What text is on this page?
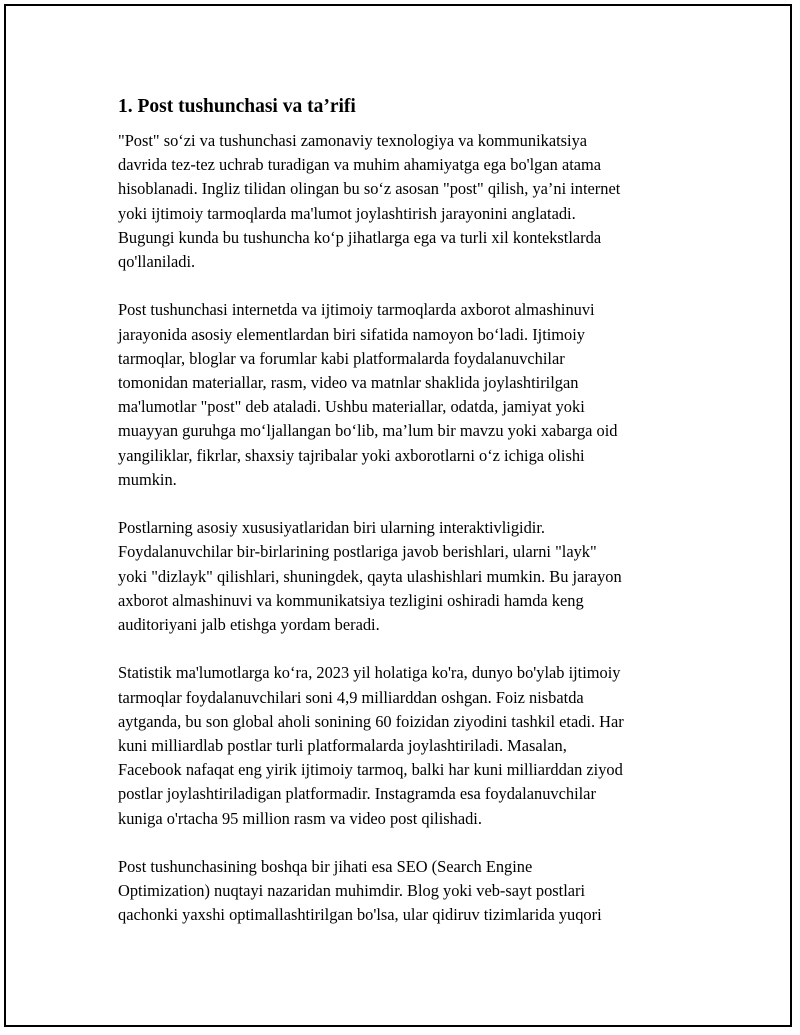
1. Post tushunchasi va ta’rifi

"Post" so‘zi va tushunchasi zamonaviy texnologiya va kommunikatsiya
davrida tez-tez uchrab turadigan va muhim ahamiyatga ega bo'lgan atama
hisoblanadi. Ingliz tilidan olingan bu so‘z asosan "post" qilish, ya’ni internet
yoki ijtimoiy tarmoqlarda ma'lumot joylashtirish jarayonini anglatadi.
Bugungi kunda bu tushuncha ko‘p jihatlarga ega va turli xil kontekstlarda
qo'llaniladi.

Post tushunchasi internetda va ijtimoiy tarmoqlarda axborot almashinuvi
jarayonida asosiy elementlardan biri sifatida namoyon bo‘ladi. Ijtimoiy
tarmoqlar, bloglar va forumlar kabi platformalarda foydalanuvchilar
tomonidan materiallar, rasm, video va matnlar shaklida joylashtirilgan
ma'lumotlar "post" deb ataladi. Ushbu materiallar, odatda, jamiyat yoki
muayyan guruhga mo‘ljallangan bo‘lib, ma’lum bir mavzu yoki xabarga oid
yangiliklar, fikrlar, shaxsiy tajribalar yoki axborotlarni o‘z ichiga olishi
mumkin.

Postlarning asosiy xususiyatlaridan biri ularning interaktivligidir.
Foydalanuvchilar bir-birlarining postlariga javob berishlari, ularni "layk"
yoki "dizlayk" qilishlari, shuningdek, qayta ulashishlari mumkin. Bu jarayon
axborot almashinuvi va kommunikatsiya tezligini oshiradi hamda keng
auditoriyani jalb etishga yordam beradi.

Statistik ma'lumotlarga ko‘ra, 2023 yil holatiga ko'ra, dunyo bo'ylab ijtimoiy
tarmoqlar foydalanuvchilari soni 4,9 milliarddan oshgan. Foiz nisbatda
aytganda, bu son global aholi sonining 60 foizidan ziyodini tashkil etadi. Har
kuni milliardlab postlar turli platformalarda joylashtiriladi. Masalan,
Facebook nafaqat eng yirik ijtimoiy tarmoq, balki har kuni milliarddan ziyod
postlar joylashtiriladigan platformadir. Instagramda esa foydalanuvchilar
kuniga o'rtacha 95 million rasm va video post qilishadi.

Post tushunchasining boshqa bir jihati esa SEO (Search Engine
Optimization) nuqtayi nazaridan muhimdir. Blog yoki veb-sayt postlari
qachonki yaxshi optimallashtirilgan bo'lsa, ular qidiruv tizimlarida yuqori
